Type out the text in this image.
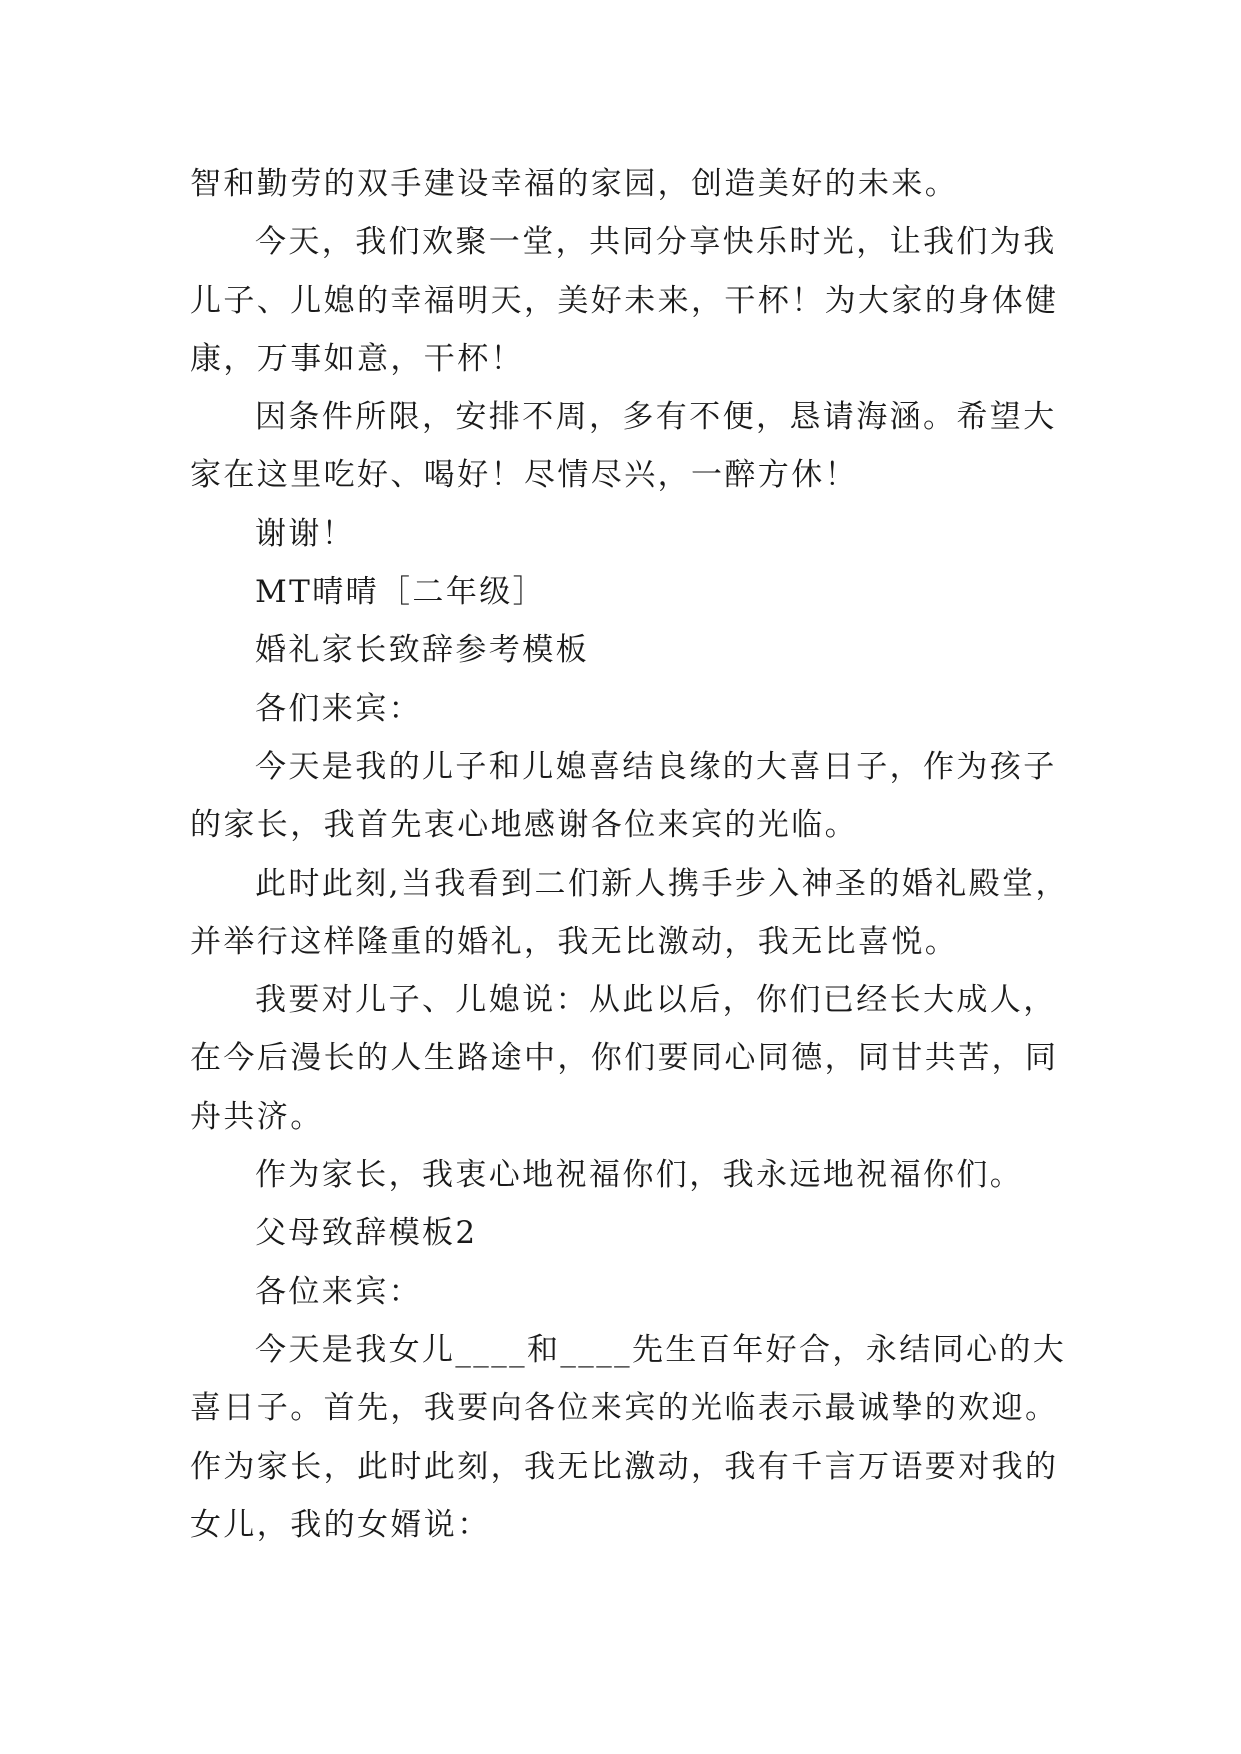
智和勤劳的双手建设幸福的家园，创造美好的未来。
今天，我们欢聚一堂，共同分享快乐时光，让我们为我
儿子、儿媳的幸福明天，美好未来，干杯！为大家的身体健
康，万事如意，干杯！
因条件所限，安排不周，多有不便，恳请海涵。希望大
家在这里吃好、喝好！尽情尽兴，一醉方休！
谢谢！
MT晴晴［二年级］
婚礼家长致辞参考模板
各们来宾：
今天是我的儿子和儿媳喜结良缘的大喜日子，作为孩子
的家长，我首先衷心地感谢各位来宾的光临。
此时此刻,当我看到二们新人携手步入神圣的婚礼殿堂，
并举行这样隆重的婚礼，我无比激动，我无比喜悦。
我要对儿子、儿媳说：从此以后，你们已经长大成人，
在今后漫长的人生路途中，你们要同心同德，同甘共苦，同
舟共济。
作为家长，我衷心地祝福你们，我永远地祝福你们。
父母致辞模板2
各位来宾：
今天是我女儿____和____先生百年好合，永结同心的大
喜日子。首先，我要向各位来宾的光临表示最诚挚的欢迎。
作为家长，此时此刻，我无比激动，我有千言万语要对我的
女儿，我的女婿说：
